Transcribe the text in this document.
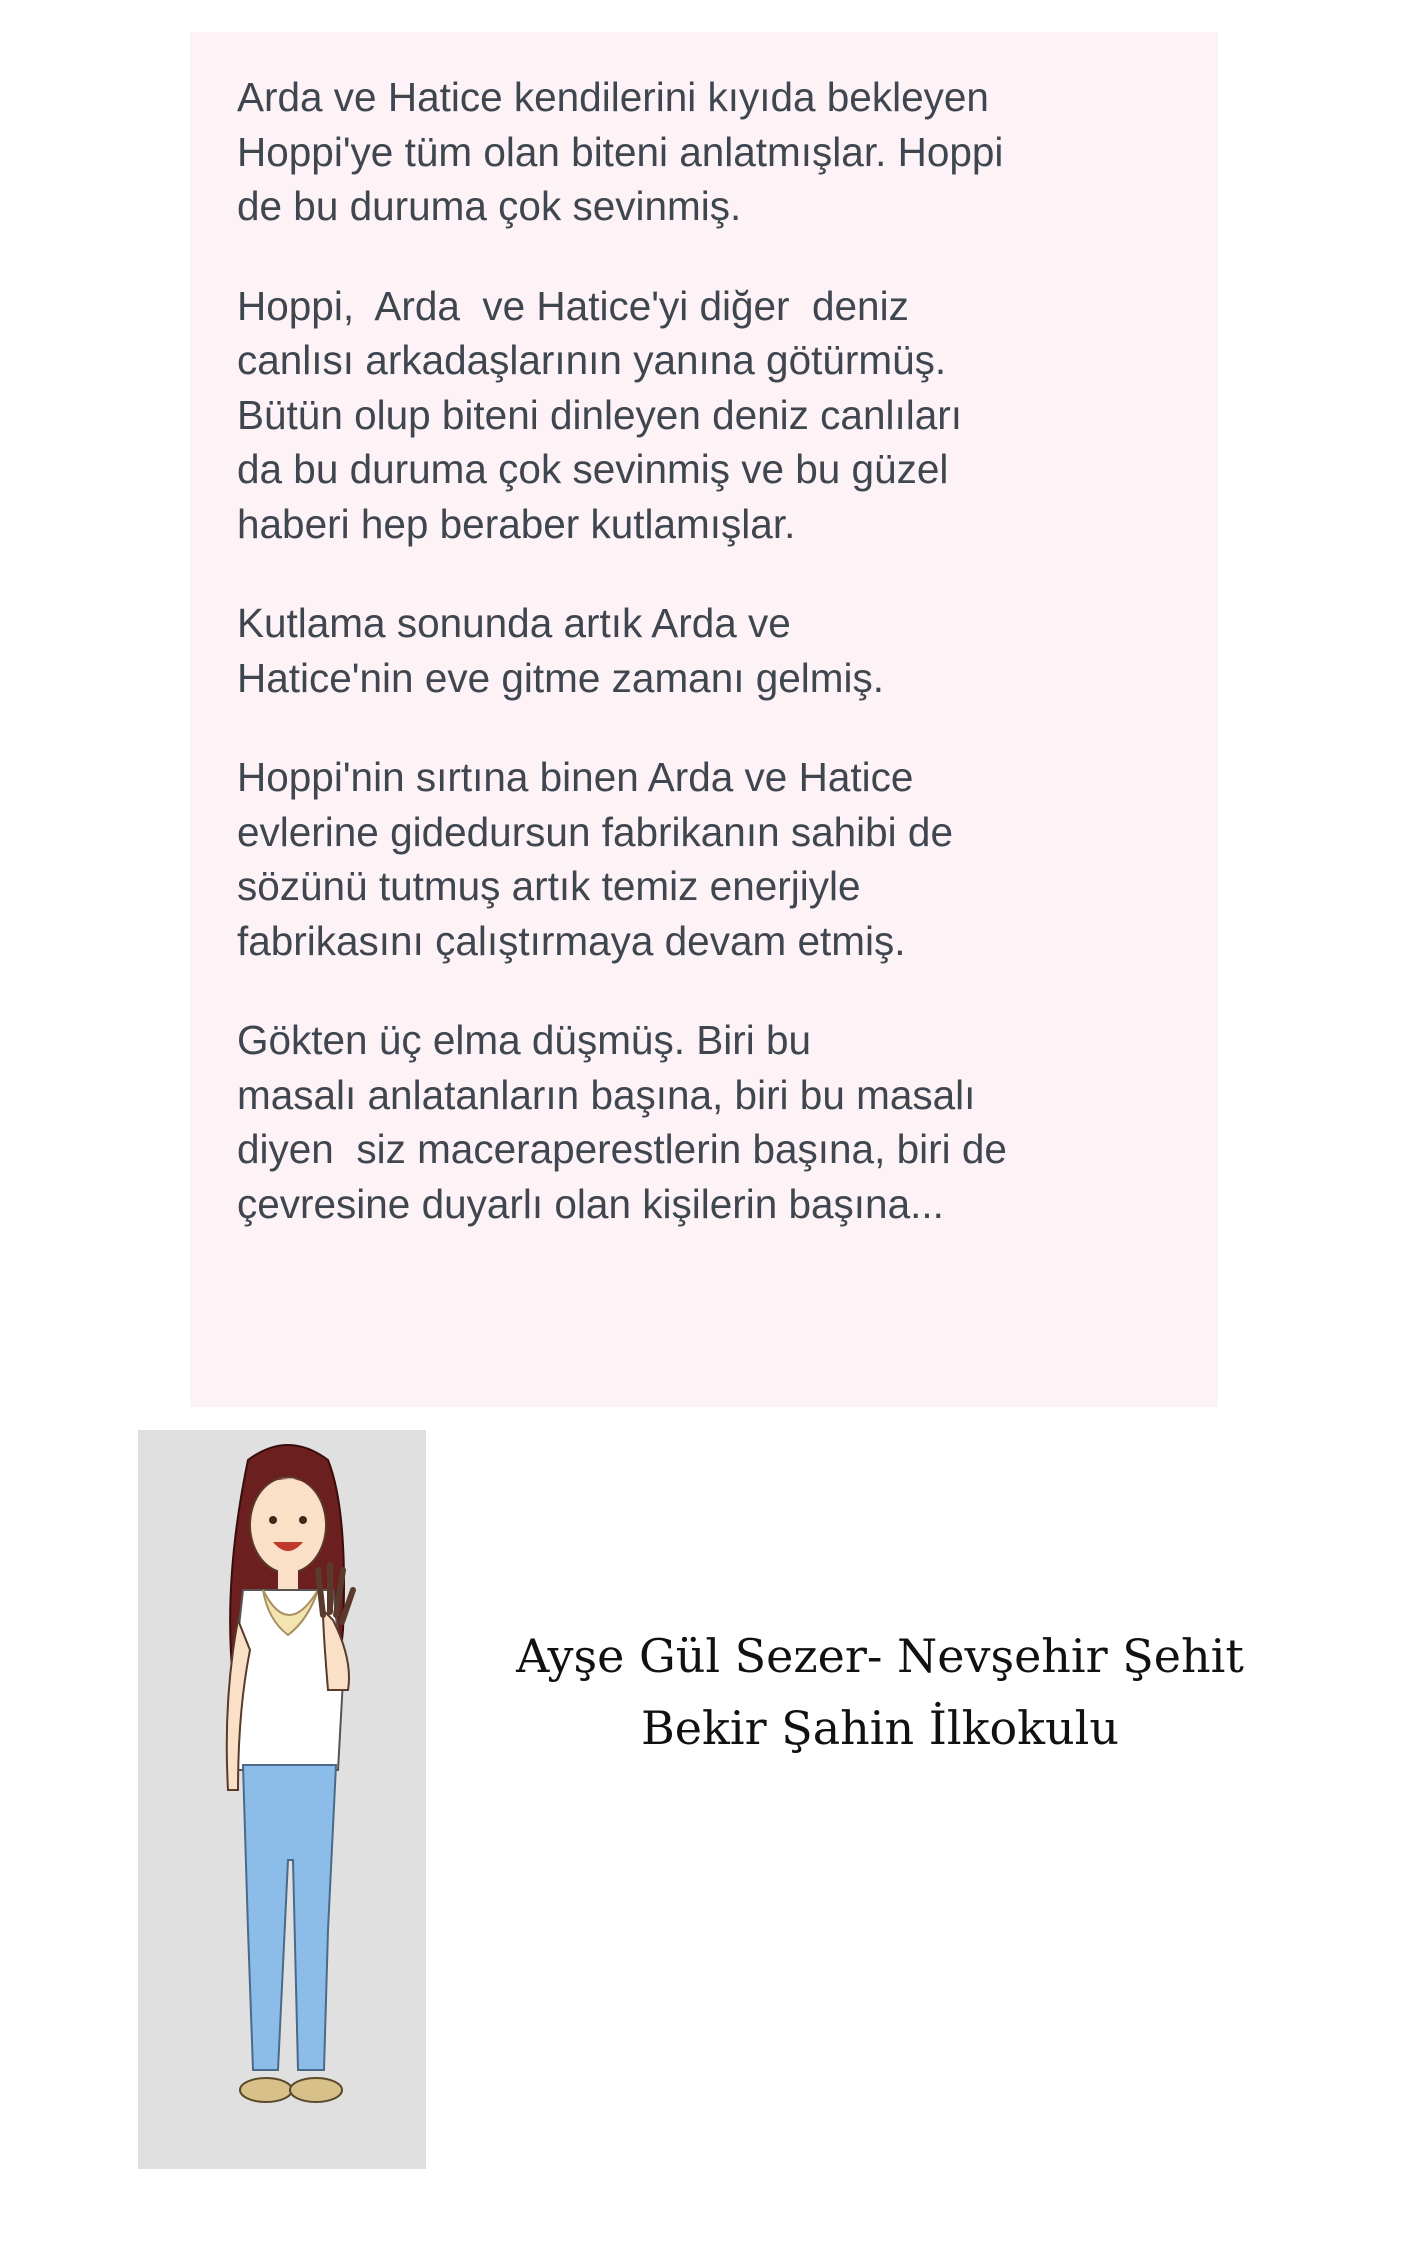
Arda ve Hatice kendilerini kıyıda bekleyen
Hoppi'ye tüm olan biteni anlatmışlar. Hoppi
de bu duruma çok sevinmiş.
Hoppi,  Arda  ve Hatice'yi diğer  deniz
canlısı arkadaşlarının yanına götürmüş.
Bütün olup biteni dinleyen deniz canlıları
da bu duruma çok sevinmiş ve bu güzel
haberi hep beraber kutlamışlar.
Kutlama sonunda artık Arda ve
Hatice'nin eve gitme zamanı gelmiş.
Hoppi'nin sırtına binen Arda ve Hatice
evlerine gidedursun fabrikanın sahibi de
sözünü tutmuş artık temiz enerjiyle
fabrikasını çalıştırmaya devam etmiş.
Gökten üç elma düşmüş. Biri bu
masalı anlatanların başına, biri bu masalı
diyen  siz maceraperestlerin başına, biri de
çevresine duyarlı olan kişilerin başına...
Ayşe Gül Sezer- Nevşehir Şehit
Bekir Şahin İlkokulu
